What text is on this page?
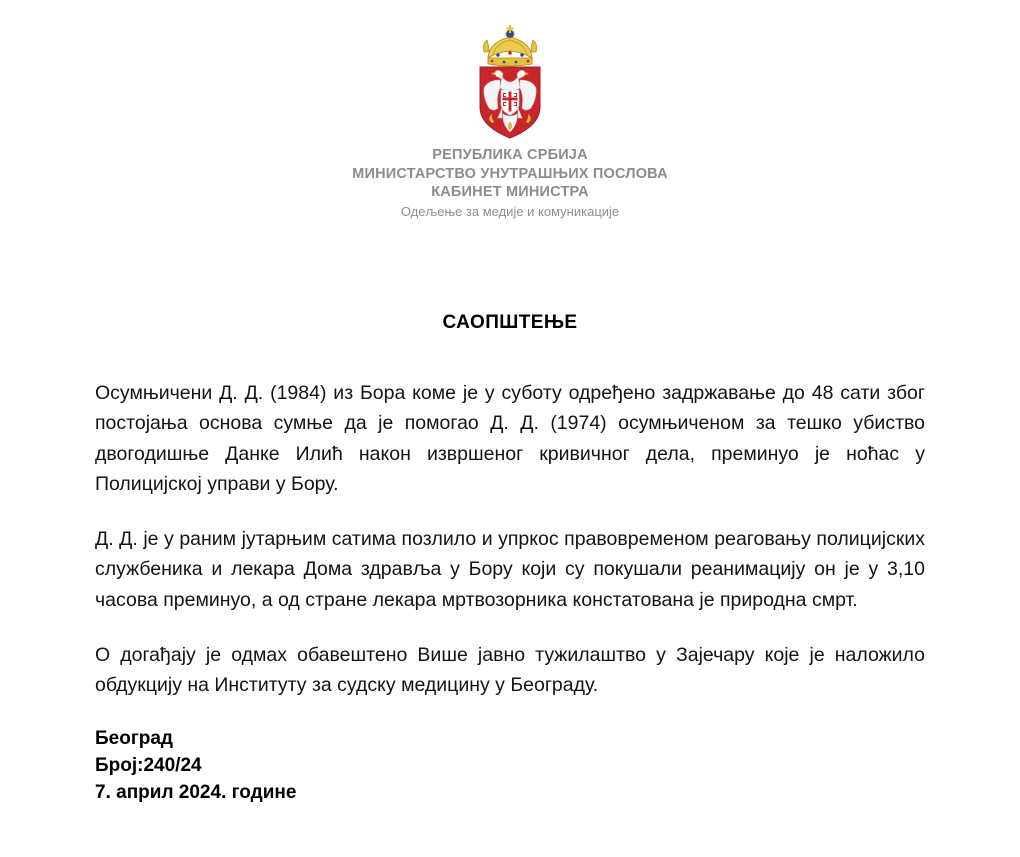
РЕПУБЛИКА СРБИЈА
МИНИСТАРСТВО УНУТРАШЊИХ ПОСЛОВА
КАБИНЕТ МИНИСТРА
Одељење за медије и комуникације
САОПШТЕЊЕ

Осумњичени Д. Д. (1984) из Бора коме је у суботу одређено задржавање до 48 сати због постојања основа сумње да је помогао Д. Д. (1974) осумњиченом за тешко убиство двогодишње Данке Илић након извршеног кривичног дела, преминуо је ноћас у Полицијској управи у Бору.

Д. Д. је у раним јутарњим сатима позлило и упркос правовременом реаговању полицијских службеника и лекара Дома здравља у Бору који су покушали реанимацију он је у 3,10 часова преминуо, а од стране лекара мртвозорника констатована је природна смрт.

О догађају је одмах обавештено Више јавно тужилаштво у Зајечару које је наложило обдукцију на Институту за судску медицину у Београду.

Београд
Број:240/24
7. април 2024. године
